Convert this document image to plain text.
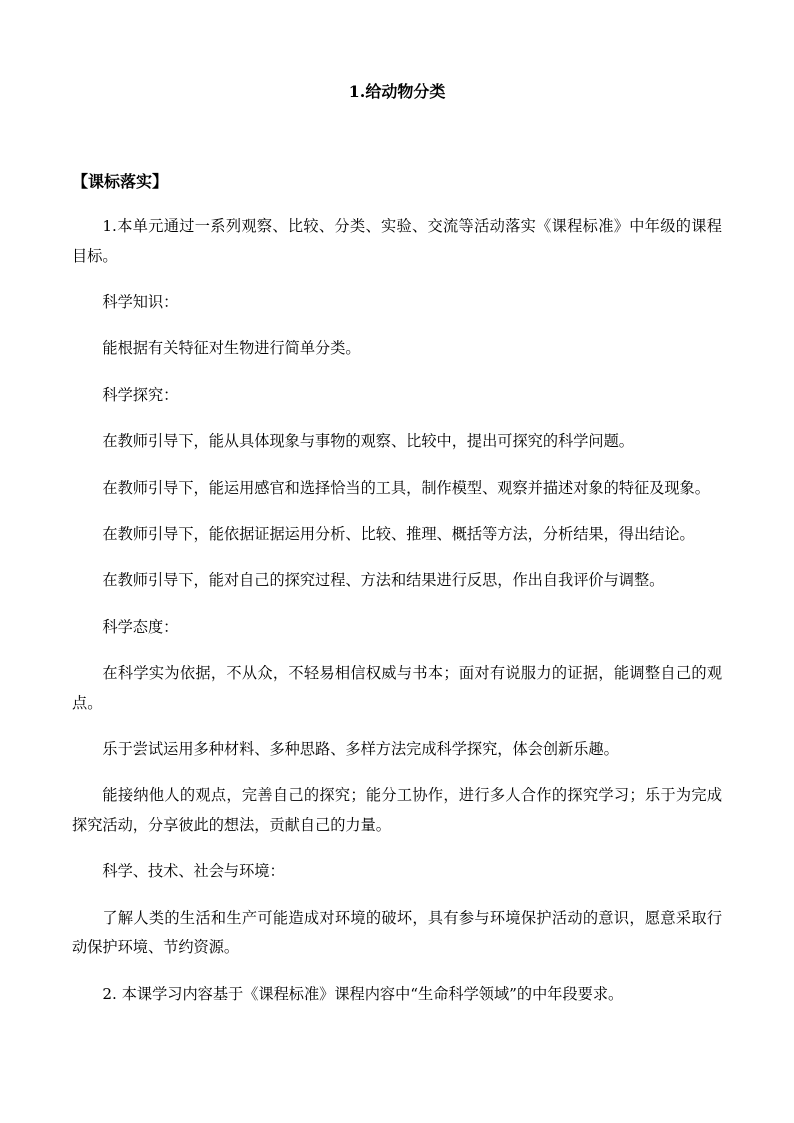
1.给动物分类
【课标落实】

1.本单元通过一系列观察、比较、分类、实验、交流等活动落实《课程标准》中年级的课程目标。

科学知识：

能根据有关特征对生物进行简单分类。

科学探究：

在教师引导下，能从具体现象与事物的观察、比较中，提出可探究的科学问题。

在教师引导下，能运用感官和选择恰当的工具，制作模型、观察并描述对象的特征及现象。

在教师引导下，能依据证据运用分析、比较、推理、概括等方法，分析结果，得出结论。

在教师引导下，能对自己的探究过程、方法和结果进行反思，作出自我评价与调整。

科学态度：

在科学实为依据，不从众，不轻易相信权威与书本；面对有说服力的证据，能调整自己的观点。

乐于尝试运用多种材料、多种思路、多样方法完成科学探究，体会创新乐趣。

能接纳他人的观点，完善自己的探究；能分工协作，进行多人合作的探究学习；乐于为完成探究活动，分享彼此的想法，贡献自己的力量。

科学、技术、社会与环境：

了解人类的生活和生产可能造成对环境的破坏，具有参与环境保护活动的意识，愿意采取行动保护环境、节约资源。

2. 本课学习内容基于《课程标准》课程内容中“生命科学领域”的中年段要求。
